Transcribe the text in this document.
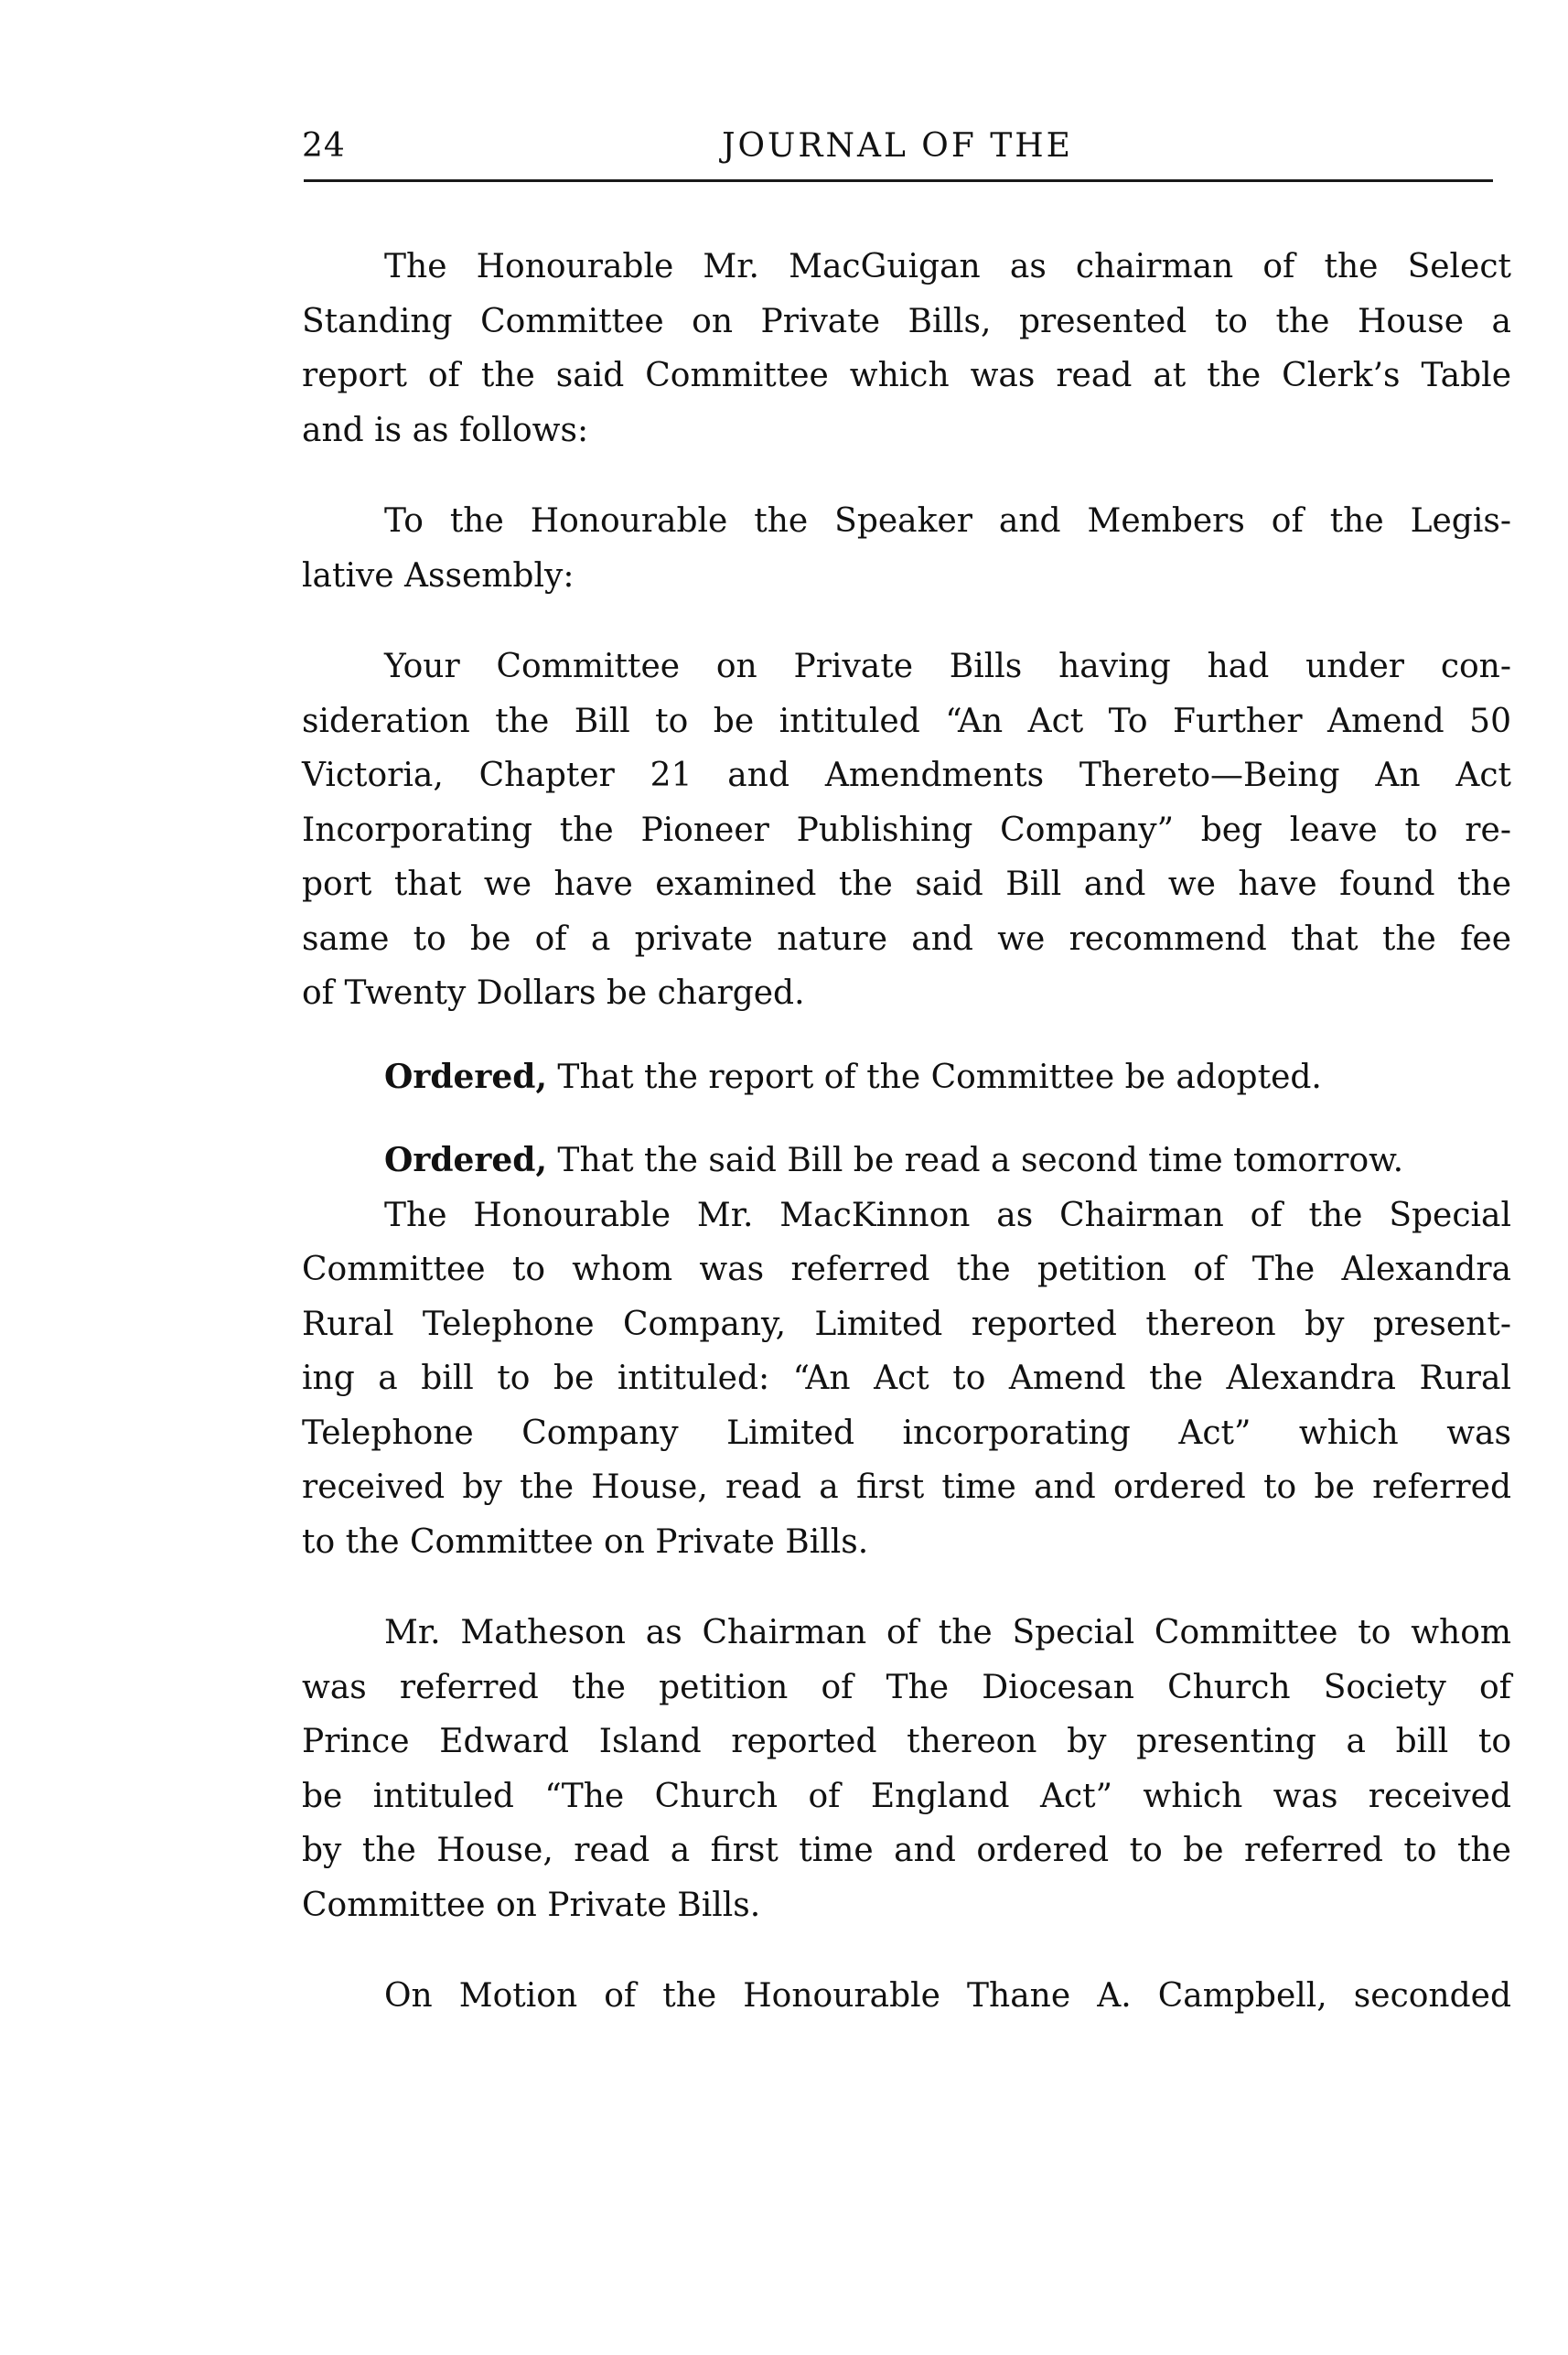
24	JOURNAL OF THE
The Honourable Mr. MacGuigan as chairman of the Select
Standing Committee on Private Bills, presented to the House a
report of the said Committee which was read at the Clerk’s Table
and is as follows:
To the Honourable the Speaker and Members of the Legis-
lative Assembly:
Your Committee on Private Bills having had under con-
sideration the Bill to be intituled “An Act To Further Amend 50
Victoria, Chapter 21 and Amendments Thereto—Being An Act
Incorporating the Pioneer Publishing Company” beg leave to re-
port that we have examined the said Bill and we have found the
same to be of a private nature and we recommend that the fee
of Twenty Dollars be charged.
Ordered, That the report of the Committee be adopted.
Ordered, That the said Bill be read a second time tomorrow.
The Honourable Mr. MacKinnon as Chairman of the Special
Committee to whom was referred the petition of The Alexandra
Rural Telephone Company, Limited reported thereon by present-
ing a bill to be intituled: “An Act to Amend the Alexandra Rural
Telephone Company Limited incorporating Act” which was
received by the House, read a first time and ordered to be referred
to the Committee on Private Bills.
Mr. Matheson as Chairman of the Special Committee to whom
was referred the petition of The Diocesan Church Society of
Prince Edward Island reported thereon by presenting a bill to
be intituled “The Church of England Act” which was received
by the House, read a first time and ordered to be referred to the
Committee on Private Bills.
On Motion of the Honourable Thane A. Campbell, seconded
